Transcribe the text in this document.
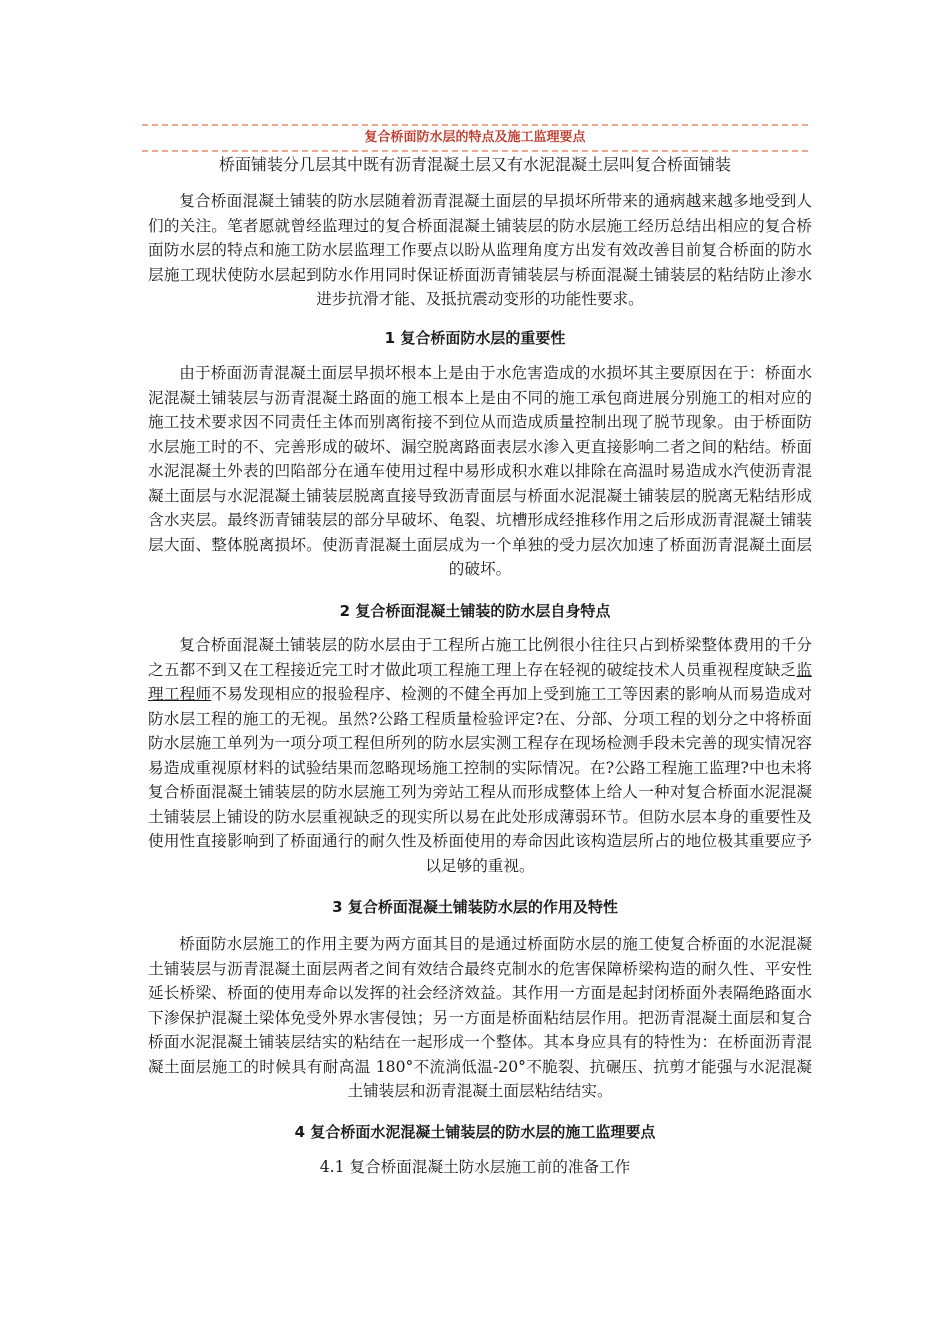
复合桥面防水层的特点及施工监理要点
桥面铺装分几层其中既有沥青混凝土层又有水泥混凝土层叫复合桥面铺装

复合桥面混凝土铺装的防水层随着沥青混凝土面层的早损坏所带来的通病越来越多地受到人们的关注。笔者愿就曾经监理过的复合桥面混凝土铺装层的防水层施工经历总结出相应的复合桥面防水层的特点和施工防水层监理工作要点以盼从监理角度方出发有效改善目前复合桥面的防水层施工现状使防水层起到防水作用同时保证桥面沥青铺装层与桥面混凝土铺装层的粘结防止渗水进步抗滑才能、及抵抗震动变形的功能性要求。

1 复合桥面防水层的重要性

由于桥面沥青混凝土面层早损坏根本上是由于水危害造成的水损坏其主要原因在于：桥面水泥混凝土铺装层与沥青混凝土路面的施工根本上是由不同的施工承包商进展分别施工的相对应的施工技术要求因不同责任主体而别离衔接不到位从而造成质量控制出现了脱节现象。由于桥面防水层施工时的不、完善形成的破坏、漏空脱离路面表层水渗入更直接影响二者之间的粘结。桥面水泥混凝土外表的凹陷部分在通车使用过程中易形成积水难以排除在高温时易造成水汽使沥青混凝土面层与水泥混凝土铺装层脱离直接导致沥青面层与桥面水泥混凝土铺装层的脱离无粘结形成含水夹层。最终沥青铺装层的部分早破坏、龟裂、坑槽形成经推移作用之后形成沥青混凝土铺装层大面、整体脱离损坏。使沥青混凝土面层成为一个单独的受力层次加速了桥面沥青混凝土面层的破坏。

2 复合桥面混凝土铺装的防水层自身特点

复合桥面混凝土铺装层的防水层由于工程所占施工比例很小往往只占到桥梁整体费用的千分之五都不到又在工程接近完工时才做此项工程施工理上存在轻视的破绽技术人员重视程度缺乏监理工程师不易发现相应的报验程序、检测的不健全再加上受到施工工等因素的影响从而易造成对防水层工程的施工的无视。虽然?公路工程质量检验评定?在、分部、分项工程的划分之中将桥面防水层施工单列为一项分项工程但所列的防水层实测工程存在现场检测手段未完善的现实情况容易造成重视原材料的试验结果而忽略现场施工控制的实际情况。在?公路工程施工监理?中也未将复合桥面混凝土铺装层的防水层施工列为旁站工程从而形成整体上给人一种对复合桥面水泥混凝土铺装层上铺设的防水层重视缺乏的现实所以易在此处形成薄弱环节。但防水层本身的重要性及使用性直接影响到了桥面通行的耐久性及桥面使用的寿命因此该构造层所占的地位极其重要应予以足够的重视。

3 复合桥面混凝土铺装防水层的作用及特性

桥面防水层施工的作用主要为两方面其目的是通过桥面防水层的施工使复合桥面的水泥混凝土铺装层与沥青混凝土面层两者之间有效结合最终克制水的危害保障桥梁构造的耐久性、平安性延长桥梁、桥面的使用寿命以发挥的社会经济效益。其作用一方面是起封闭桥面外表隔绝路面水下渗保护混凝土梁体免受外界水害侵蚀；另一方面是桥面粘结层作用。把沥青混凝土面层和复合桥面水泥混凝土铺装层结实的粘结在一起形成一个整体。其本身应具有的特性为：在桥面沥青混凝土面层施工的时候具有耐高温 180°不流淌低温-20°不脆裂、抗碾压、抗剪才能强与水泥混凝土铺装层和沥青混凝土面层粘结结实。

4 复合桥面水泥混凝土铺装层的防水层的施工监理要点
4.1 复合桥面混凝土防水层施工前的准备工作
